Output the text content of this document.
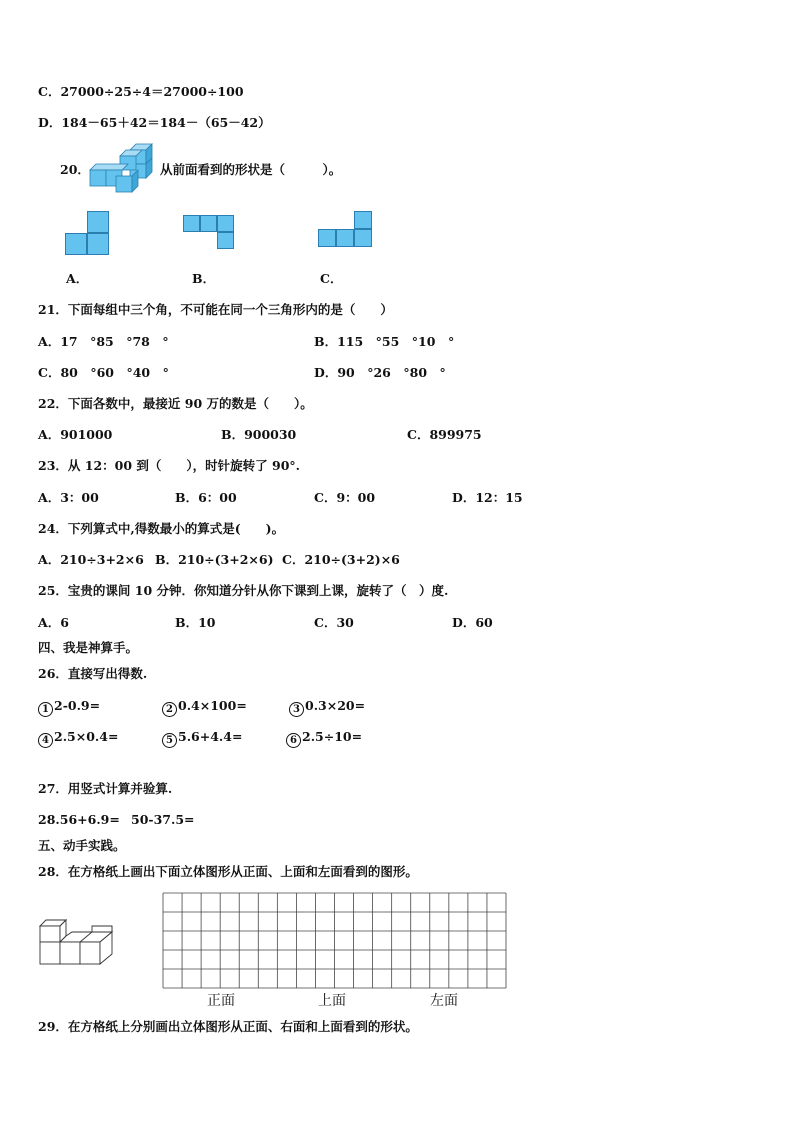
C．27000÷25÷4＝27000÷100
D．184－65＋42＝184－（65－42）
20．	从前面看到的形状是（　　　）。
A．	B．	C．
21．下面每组中三个角，不可能在同一个三角形内的是（　　）
A．17　°85　°78　°	B．115　°55　°10　°
C．80　°60　°40　°	D．90　°26　°80　°
22．下面各数中，最接近 90 万的数是（　　）。
A．901000	B．900030	C．899975
23．从 12：00 到（　　），时针旋转了 90°.
A．3：00	B．6：00	C．9：00	D．12：15
24．下列算式中,得数最小的算式是(　　)。
A．210÷3+2×6 B．210÷(3+2×6) C．210÷(3+2)×6
25．宝贵的课间 10 分钟．你知道分针从你下课到上课，旋转了（　）度.
A．6	B．10	C．30	D．60
四、我是神算手。
26．直接写出得数.
1 2-0.9=	2 0.4×100=	3 0.3×20=
4 2.5×0.4=	5 5.6+4.4=	6 2.5÷10=
27．用竖式计算并验算.
28.56+6.9= 50-37.5=
五、动手实践。
28．在方格纸上画出下面立体图形从正面、上面和左面看到的图形。
正面	上面	左面
29．在方格纸上分别画出立体图形从正面、右面和上面看到的形状。
